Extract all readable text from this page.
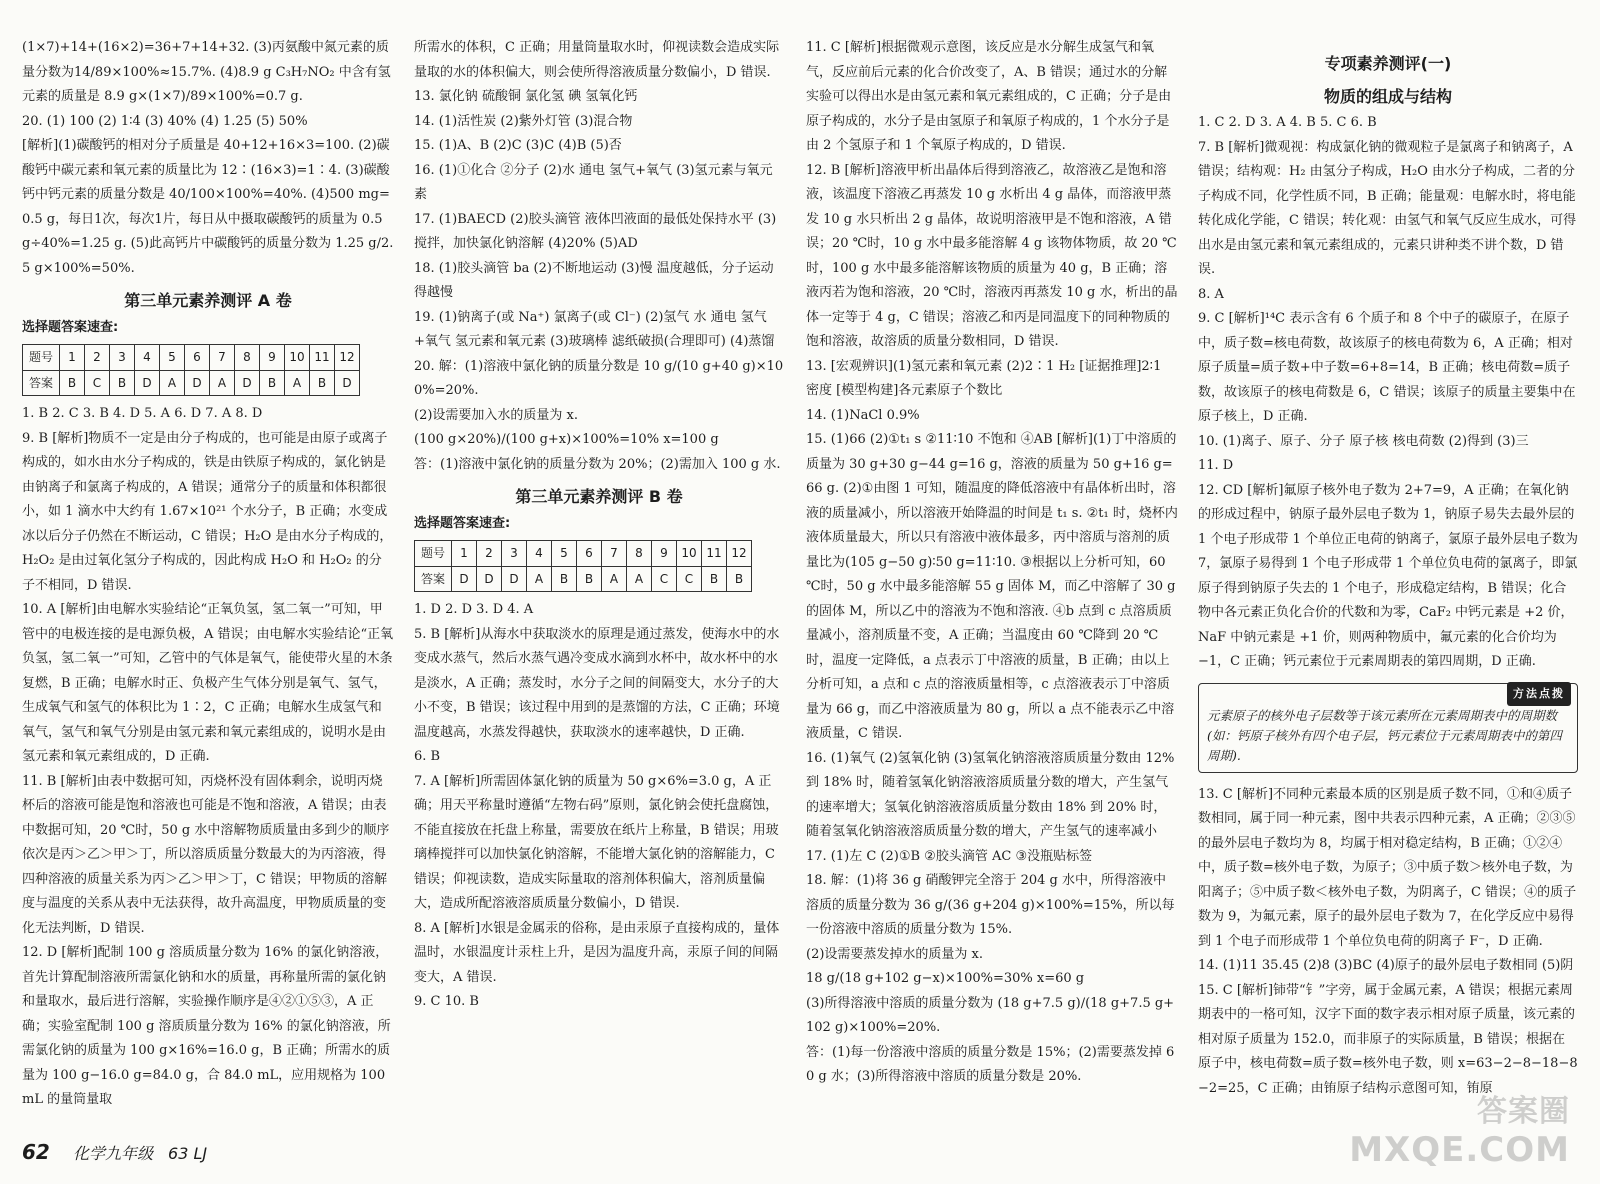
(1×7)+14+(16×2)=36+7+14+32. (3)丙氨酸中氮元素的质量分数为14/89×100%≈15.7%. (4)8.9 g C₃H₇NO₂ 中含有氢元素的质量是 8.9 g×(1×7)/89×100%=0.7 g.

20. (1) 100 (2) 1∶4 (3) 40% (4) 1.25 (5) 50%

[解析](1)碳酸钙的相对分子质量是 40+12+16×3=100. (2)碳酸钙中碳元素和氧元素的质量比为 12∶(16×3)=1∶4. (3)碳酸钙中钙元素的质量分数是 40/100×100%=40%. (4)500 mg=0.5 g，每日1次，每次1片，每日从中摄取碳酸钙的质量为 0.5 g÷40%=1.25 g. (5)此高钙片中碳酸钙的质量分数为 1.25 g/2.5 g×100%=50%.

第三单元素养测评 A 卷
选择题答案速查:
题号	1	2	3	4	5	6	7	8	9	10	11	12
答案	B	C	B	D	A	D	A	D	B	A	B	D

1. B 2. C 3. B 4. D 5. A 6. D 7. A 8. D

9. B [解析]物质不一定是由分子构成的，也可能是由原子或离子构成的，如水由水分子构成的，铁是由铁原子构成的，氯化钠是由钠离子和氯离子构成的，A 错误；通常分子的质量和体积都很小，如 1 滴水中大约有 1.67×10²¹ 个水分子，B 正确；水变成冰以后分子仍然在不断运动，C 错误；H₂O 是由水分子构成的，H₂O₂ 是由过氧化氢分子构成的，因此构成 H₂O 和 H₂O₂ 的分子不相同，D 错误.

10. A [解析]由电解水实验结论“正氧负氢，氢二氧一”可知，甲管中的电极连接的是电源负极，A 错误；由电解水实验结论“正氧负氢，氢二氧一”可知，乙管中的气体是氧气，能使带火星的木条复燃，B 正确；电解水时正、负极产生气体分别是氧气、氢气，生成氧气和氢气的体积比为 1∶2，C 正确；电解水生成氢气和氧气，氢气和氧气分别是由氢元素和氧元素组成的，说明水是由氢元素和氧元素组成的，D 正确.

11. B [解析]由表中数据可知，丙烧杯没有固体剩余，说明丙烧杯后的溶液可能是饱和溶液也可能是不饱和溶液，A 错误；由表中数据可知，20 ℃时，50 g 水中溶解物质质量由多到少的顺序依次是丙＞乙＞甲＞丁，所以溶质质量分数最大的为丙溶液，得四种溶液的质量关系为丙＞乙＞甲＞丁，C 错误；甲物质的溶解度与温度的关系从表中无法获得，故升高温度，甲物质质量的变化无法判断，D 错误.

12. D [解析]配制 100 g 溶质质量分数为 16% 的氯化钠溶液，首先计算配制溶液所需氯化钠和水的质量，再称量所需的氯化钠和量取水，最后进行溶解，实验操作顺序是④②①⑤③，A 正确；实验室配制 100 g 溶质质量分数为 16% 的氯化钠溶液，所需氯化钠的质量为 100 g×16%=16.0 g，B 正确；所需水的质量为 100 g−16.0 g=84.0 g，合 84.0 mL，应用规格为 100 mL 的量筒量取

所需水的体积，C 正确；用量筒量取水时，仰视读数会造成实际量取的水的体积偏大，则会使所得溶液质量分数偏小，D 错误.

13. 氯化钠 硫酸铜 氯化氢 碘 氢氧化钙

14. (1)活性炭 (2)紫外灯管 (3)混合物

15. (1)A、B (2)C (3)C (4)B (5)否

16. (1)①化合 ②分子 (2)水 通电 氢气+氧气 (3)氢元素与氧元素

17. (1)BAECD (2)胶头滴管 液体凹液面的最低处保持水平 (3)搅拌，加快氯化钠溶解 (4)20% (5)AD

18. (1)胶头滴管 ba (2)不断地运动 (3)慢 温度越低，分子运动得越慢

19. (1)钠离子(或 Na⁺) 氯离子(或 Cl⁻) (2)氢气 水 通电 氢气+氧气 氢元素和氧元素 (3)玻璃棒 滤纸破损(合理即可) (4)蒸馏

20. 解：(1)溶液中氯化钠的质量分数是 10 g/(10 g+40 g)×100%=20%.

(2)设需要加入水的质量为 x.

(100 g×20%)/(100 g+x)×100%=10% x=100 g

答：(1)溶液中氯化钠的质量分数为 20%；(2)需加入 100 g 水.

第三单元素养测评 B 卷
选择题答案速查:
题号	1	2	3	4	5	6	7	8	9	10	11	12
答案	D	D	D	A	B	B	A	A	C	C	B	B

1. D 2. D 3. D 4. A

5. B [解析]从海水中获取淡水的原理是通过蒸发，使海水中的水变成水蒸气，然后水蒸气遇冷变成水滴到水杯中，故水杯中的水是淡水，A 正确；蒸发时，水分子之间的间隔变大，水分子的大小不变，B 错误；该过程中用到的是蒸馏的方法，C 正确；环境温度越高，水蒸发得越快，获取淡水的速率越快，D 正确.

6. B

7. A [解析]所需固体氯化钠的质量为 50 g×6%=3.0 g，A 正确；用天平称量时遵循“左物右码”原则，氯化钠会使托盘腐蚀，不能直接放在托盘上称量，需要放在纸片上称量，B 错误；用玻璃棒搅拌可以加快氯化钠溶解，不能增大氯化钠的溶解能力，C 错误；仰视读数，造成实际量取的溶剂体积偏大，溶剂质量偏大，造成所配溶液溶质质量分数偏小，D 错误.

8. A [解析]水银是金属汞的俗称，是由汞原子直接构成的，量体温时，水银温度计汞柱上升，是因为温度升高，汞原子间的间隔变大，A 错误.

9. C 10. B

11. C [解析]根据微观示意图，该反应是水分解生成氢气和氧气，反应前后元素的化合价改变了，A、B 错误；通过水的分解实验可以得出水是由氢元素和氧元素组成的，C 正确；分子是由原子构成的，水分子是由氢原子和氧原子构成的，1 个水分子是由 2 个氢原子和 1 个氧原子构成的，D 错误.

12. B [解析]溶液甲析出晶体后得到溶液乙，故溶液乙是饱和溶液，该温度下溶液乙再蒸发 10 g 水析出 4 g 晶体，而溶液甲蒸发 10 g 水只析出 2 g 晶体，故说明溶液甲是不饱和溶液，A 错误；20 ℃时，10 g 水中最多能溶解 4 g 该物体物质，故 20 ℃时，100 g 水中最多能溶解该物质的质量为 40 g，B 正确；溶液丙若为饱和溶液，20 ℃时，溶液丙再蒸发 10 g 水，析出的晶体一定等于 4 g，C 错误；溶液乙和丙是同温度下的同种物质的饱和溶液，故溶质的质量分数相同，D 错误.

13. [宏观辨识](1)氢元素和氧元素 (2)2∶1 H₂ [证据推理]2∶1 密度 [模型构建]各元素原子个数比

14. (1)NaCl 0.9%

15. (1)66 (2)①t₁ s ②11∶10 不饱和 ④AB [解析](1)丁中溶质的质量为 30 g+30 g−44 g=16 g，溶液的质量为 50 g+16 g=66 g. (2)①由图 1 可知，随温度的降低溶液中有晶体析出时，溶液的质量减小，所以溶液开始降温的时间是 t₁ s. ②t₁ 时，烧杯内液体质量最大，所以只有溶液中液体最多，丙中溶质与溶剂的质量比为(105 g−50 g)∶50 g=11∶10. ③根据以上分析可知，60 ℃时，50 g 水中最多能溶解 55 g 固体 M，而乙中溶解了 30 g 的固体 M，所以乙中的溶液为不饱和溶液. ④b 点到 c 点溶质质量减小，溶剂质量不变，A 正确；当温度由 60 ℃降到 20 ℃时，温度一定降低，a 点表示丁中溶液的质量，B 正确；由以上分析可知，a 点和 c 点的溶液质量相等，c 点溶液表示丁中溶质量为 66 g，而乙中溶液质量为 80 g，所以 a 点不能表示乙中溶液质量，C 错误.

16. (1)氧气 (2)氢氧化钠 (3)氢氧化钠溶液溶质质量分数由 12% 到 18% 时，随着氢氧化钠溶液溶质质量分数的增大，产生氢气的速率增大；氢氧化钠溶液溶质质量分数由 18% 到 20% 时，随着氢氧化钠溶液溶质质量分数的增大，产生氢气的速率减小

17. (1)左 C (2)①B ②胶头滴管 AC ③没瓶贴标签

18. 解：(1)将 36 g 硝酸钾完全溶于 204 g 水中，所得溶液中溶质的质量分数为 36 g/(36 g+204 g)×100%=15%，所以每一份溶液中溶质的质量分数为 15%.

(2)设需要蒸发掉水的质量为 x.

18 g/(18 g+102 g−x)×100%=30% x=60 g

(3)所得溶液中溶质的质量分数为 (18 g+7.5 g)/(18 g+7.5 g+102 g)×100%=20%.

答：(1)每一份溶液中溶质的质量分数是 15%；(2)需要蒸发掉 60 g 水；(3)所得溶液中溶质的质量分数是 20%.

专项素养测评(一)
物质的组成与结构

1. C 2. D 3. A 4. B 5. C 6. B

7. B [解析]微观视：构成氯化钠的微观粒子是氯离子和钠离子，A 错误；结构观：H₂ 由氢分子构成，H₂O 由水分子构成，二者的分子构成不同，化学性质不同，B 正确；能量观：电解水时，将电能转化成化学能，C 错误；转化观：由氢气和氧气反应生成水，可得出水是由氢元素和氧元素组成的，元素只讲种类不讲个数，D 错误.

8. A

9. C [解析]¹⁴C 表示含有 6 个质子和 8 个中子的碳原子，在原子中，质子数=核电荷数，故该原子的核电荷数为 6，A 正确；相对原子质量=质子数+中子数=6+8=14，B 正确；核电荷数=质子数，故该原子的核电荷数是 6，C 错误；该原子的质量主要集中在原子核上，D 正确.

10. (1)离子、原子、分子 原子核 核电荷数 (2)得到 (3)三

11. D

12. CD [解析]氟原子核外电子数为 2+7=9，A 正确；在氧化钠的形成过程中，钠原子最外层电子数为 1，钠原子易失去最外层的 1 个电子形成带 1 个单位正电荷的钠离子，氯原子最外层电子数为 7，氯原子易得到 1 个电子形成带 1 个单位负电荷的氯离子，即氯原子得到钠原子失去的 1 个电子，形成稳定结构，B 错误；化合物中各元素正负化合价的代数和为零，CaF₂ 中钙元素是 +2 价，NaF 中钠元素是 +1 价，则两种物质中，氟元素的化合价均为 −1，C 正确；钙元素位于元素周期表的第四周期，D 正确.

方法点拨
元素原子的核外电子层数等于该元素所在元素周期表中的周期数(如：钙原子核外有四个电子层，钙元素位于元素周期表中的第四周期).

13. C [解析]不同种元素最本质的区别是质子数不同，①和④质子数相同，属于同一种元素，图中共表示四种元素，A 正确；②③⑤的最外层电子数均为 8，均属于相对稳定结构，B 正确；①②④中，质子数=核外电子数，为原子；③中质子数＞核外电子数，为阳离子；⑤中质子数＜核外电子数，为阴离子，C 错误；④的质子数为 9，为氟元素，原子的最外层电子数为 7，在化学反应中易得到 1 个电子而形成带 1 个单位负电荷的阴离子 F⁻，D 正确.

14. (1)11 35.45 (2)8 (3)BC (4)原子的最外层电子数相同 (5)阴

15. C [解析]铈带“钅”字旁，属于金属元素，A 错误；根据元素周期表中的一格可知，汉字下面的数字表示相对原子质量，该元素的相对原子质量为 152.0，而非原子的实际质量，B 错误；根据在原子中，核电荷数=质子数=核外电子数，则 x=63−2−8−18−8−2=25，C 正确；由铕原子结构示意图可知，铕原

62 化学九年级 63 LJ
答案圈
MXQE.COM
